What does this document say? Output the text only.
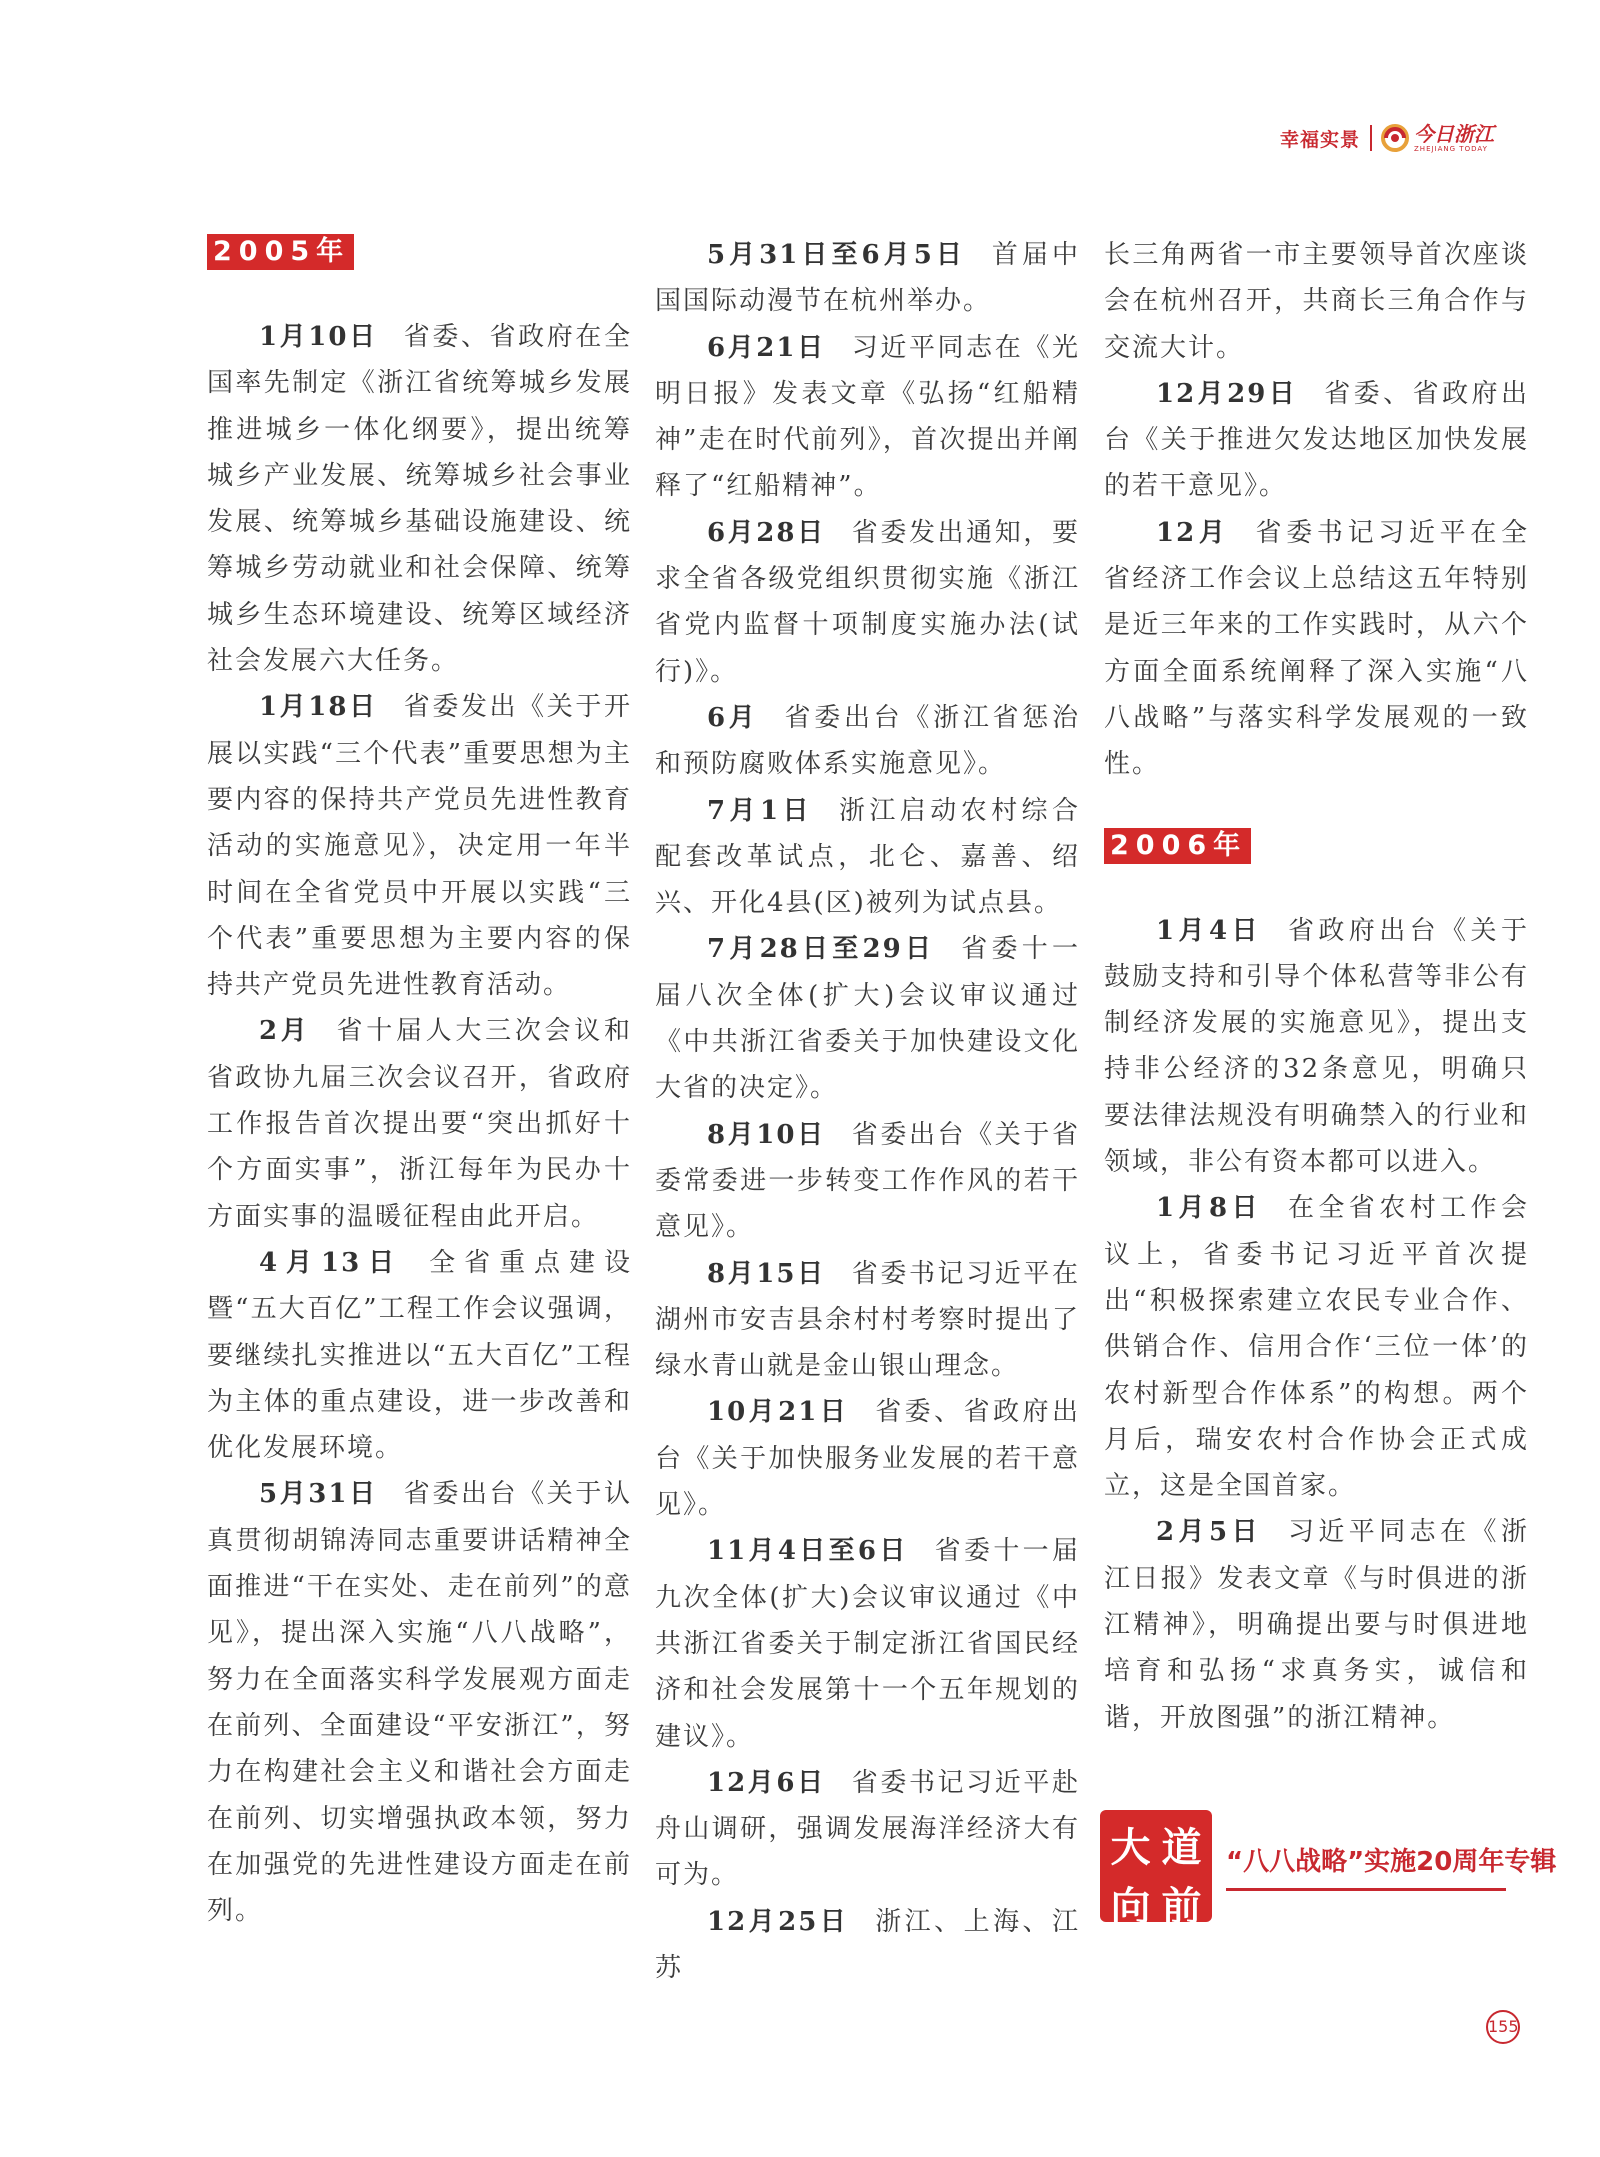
幸福实景	今日浙江
ZHEJIANG TODAY
2005年

1月10日 省委、省政府在全国率先制定《浙江省统筹城乡发展推进城乡一体化纲要》，提出统筹城乡产业发展、统筹城乡社会事业发展、统筹城乡基础设施建设、统筹城乡劳动就业和社会保障、统筹城乡生态环境建设、统筹区域经济社会发展六大任务。

1月18日 省委发出《关于开展以实践“三个代表”重要思想为主要内容的保持共产党员先进性教育活动的实施意见》，决定用一年半时间在全省党员中开展以实践“三个代表”重要思想为主要内容的保持共产党员先进性教育活动。

2月 省十届人大三次会议和省政协九届三次会议召开，省政府工作报告首次提出要“突出抓好十个方面实事”，浙江每年为民办十方面实事的温暖征程由此开启。

4月13日 全省重点建设暨“五大百亿”工程工作会议强调，要继续扎实推进以“五大百亿”工程为主体的重点建设，进一步改善和优化发展环境。

5月31日 省委出台《关于认真贯彻胡锦涛同志重要讲话精神全面推进“干在实处、走在前列”的意见》，提出深入实施“八八战略”，努力在全面落实科学发展观方面走在前列、全面建设“平安浙江”，努力在构建社会主义和谐社会方面走在前列、切实增强执政本领，努力在加强党的先进性建设方面走在前列。

5月31日至6月5日 首届中国国际动漫节在杭州举办。

6月21日 习近平同志在《光明日报》发表文章《弘扬“红船精神”走在时代前列》，首次提出并阐释了“红船精神”。

6月28日 省委发出通知，要求全省各级党组织贯彻实施《浙江省党内监督十项制度实施办法(试行)》。

6月 省委出台《浙江省惩治和预防腐败体系实施意见》。

7月1日 浙江启动农村综合配套改革试点，北仑、嘉善、绍兴、开化4县(区)被列为试点县。

7月28日至29日 省委十一届八次全体(扩大)会议审议通过《中共浙江省委关于加快建设文化大省的决定》。

8月10日 省委出台《关于省委常委进一步转变工作作风的若干意见》。

8月15日 省委书记习近平在湖州市安吉县余村村考察时提出了绿水青山就是金山银山理念。

10月21日 省委、省政府出台《关于加快服务业发展的若干意见》。

11月4日至6日 省委十一届九次全体(扩大)会议审议通过《中共浙江省委关于制定浙江省国民经济和社会发展第十一个五年规划的建议》。

12月6日 省委书记习近平赴舟山调研，强调发展海洋经济大有可为。

12月25日 浙江、上海、江苏

长三角两省一市主要领导首次座谈会在杭州召开，共商长三角合作与交流大计。

12月29日 省委、省政府出台《关于推进欠发达地区加快发展的若干意见》。

12月 省委书记习近平在全省经济工作会议上总结这五年特别是近三年来的工作实践时，从六个方面全面系统阐释了深入实施“八八战略”与落实科学发展观的一致性。

2006年

1月4日 省政府出台《关于鼓励支持和引导个体私营等非公有制经济发展的实施意见》，提出支持非公经济的32条意见，明确只要法律法规没有明确禁入的行业和领域，非公有资本都可以进入。

1月8日 在全省农村工作会议上，省委书记习近平首次提出“积极探索建立农民专业合作、供销合作、信用合作‘三位一体’的农村新型合作体系”的构想。两个月后，瑞安农村合作协会正式成立，这是全国首家。

2月5日 习近平同志在《浙江日报》发表文章《与时俱进的浙江精神》，明确提出要与时俱进地培育和弘扬“求真务实，诚信和谐，开放图强”的浙江精神。

大 道
向 前
“八八战略”实施20周年专辑
155
